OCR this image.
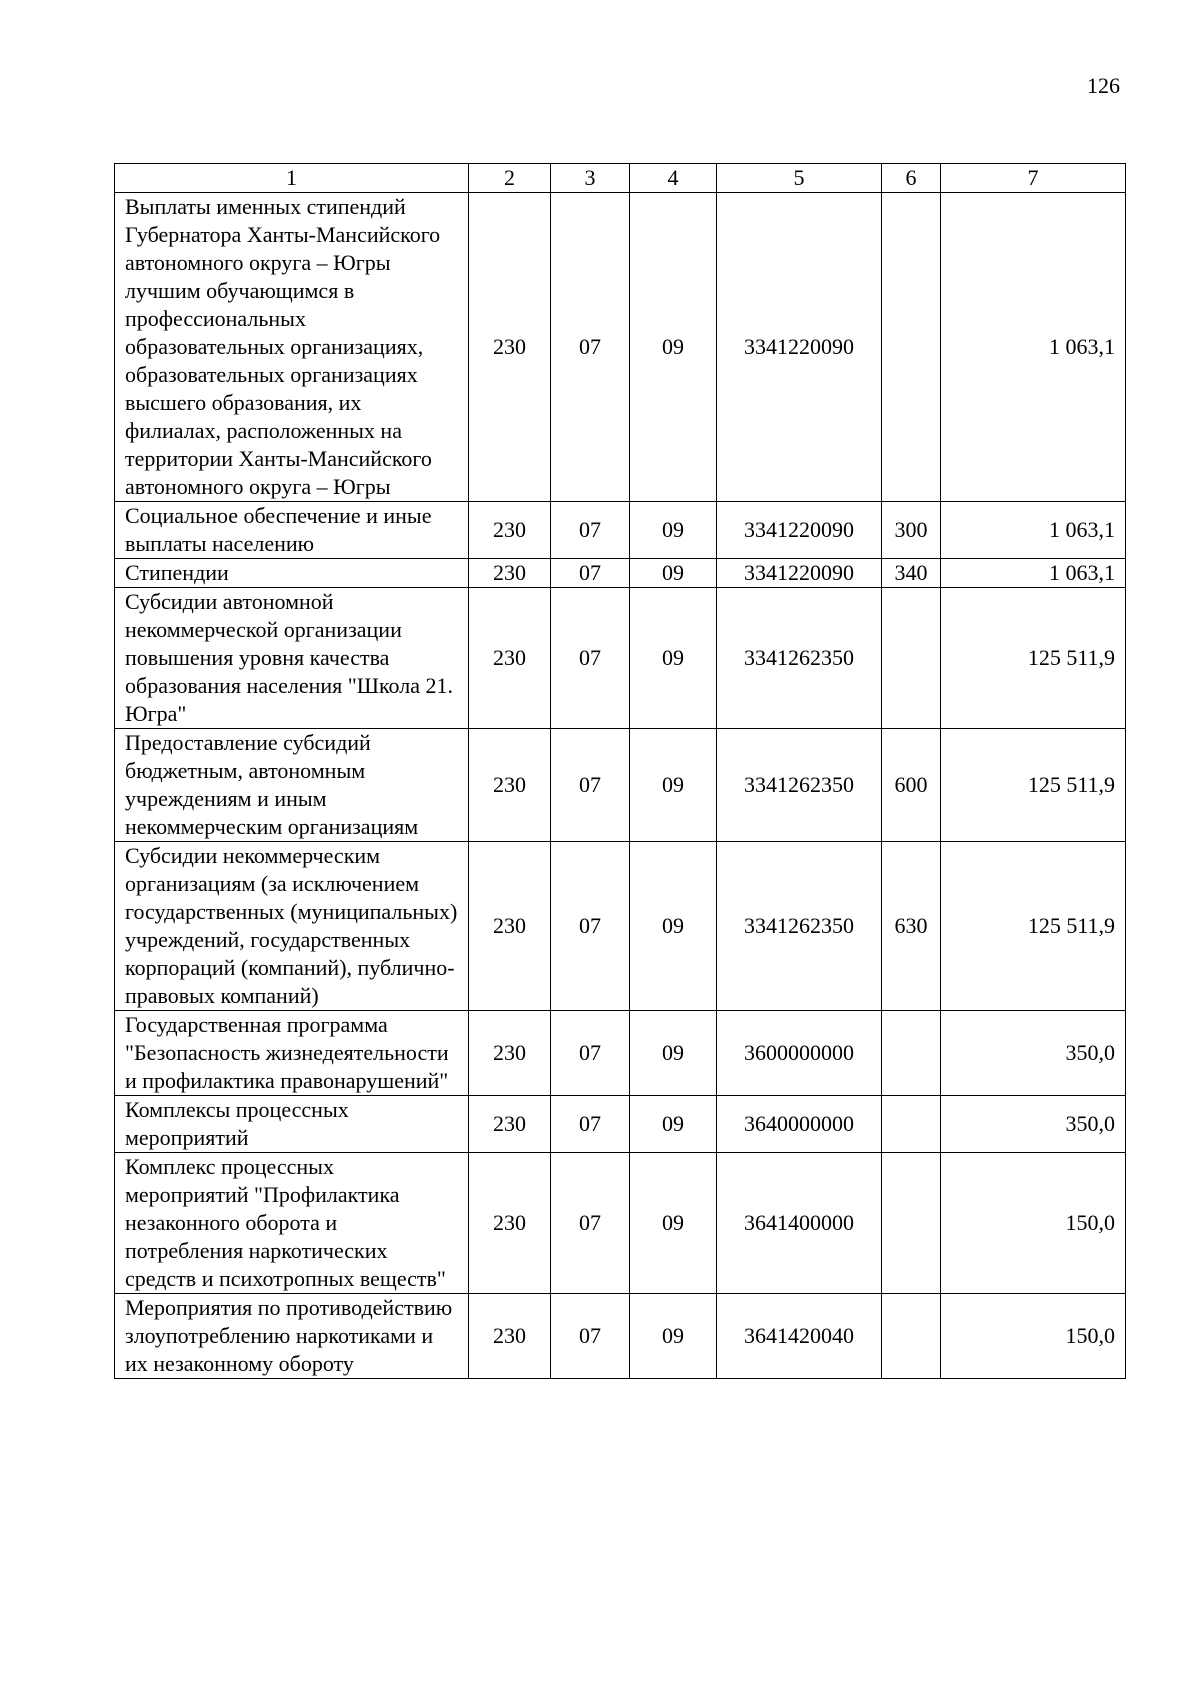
126
1	2	3	4	5	6	7
Выплаты именных стипендий Губернатора Ханты-Мансийского автономного округа – Югры лучшим обучающимся в профессиональных образовательных организациях, образовательных организациях высшего образования, их филиалах, расположенных на территории Ханты-Мансийского автономного округа – Югры	230	07	09	3341220090		1 063,1
Социальное обеспечение и иные выплаты населению	230	07	09	3341220090	300	1 063,1
Стипендии	230	07	09	3341220090	340	1 063,1
Субсидии автономной некоммерческой организации повышения уровня качества образования населения "Школа 21. Югра"	230	07	09	3341262350		125 511,9
Предоставление субсидий бюджетным, автономным учреждениям и иным некоммерческим организациям	230	07	09	3341262350	600	125 511,9
Субсидии некоммерческим организациям (за исключением государственных (муниципальных) учреждений, государственных корпораций (компаний), публично-правовых компаний)	230	07	09	3341262350	630	125 511,9
Государственная программа "Безопасность жизнедеятельности и профилактика правонарушений"	230	07	09	3600000000		350,0
Комплексы процессных мероприятий	230	07	09	3640000000		350,0
Комплекс процессных мероприятий "Профилактика незаконного оборота и потребления наркотических средств и психотропных веществ"	230	07	09	3641400000		150,0
Мероприятия по противодействию злоупотреблению наркотиками и их незаконному обороту	230	07	09	3641420040		150,0
